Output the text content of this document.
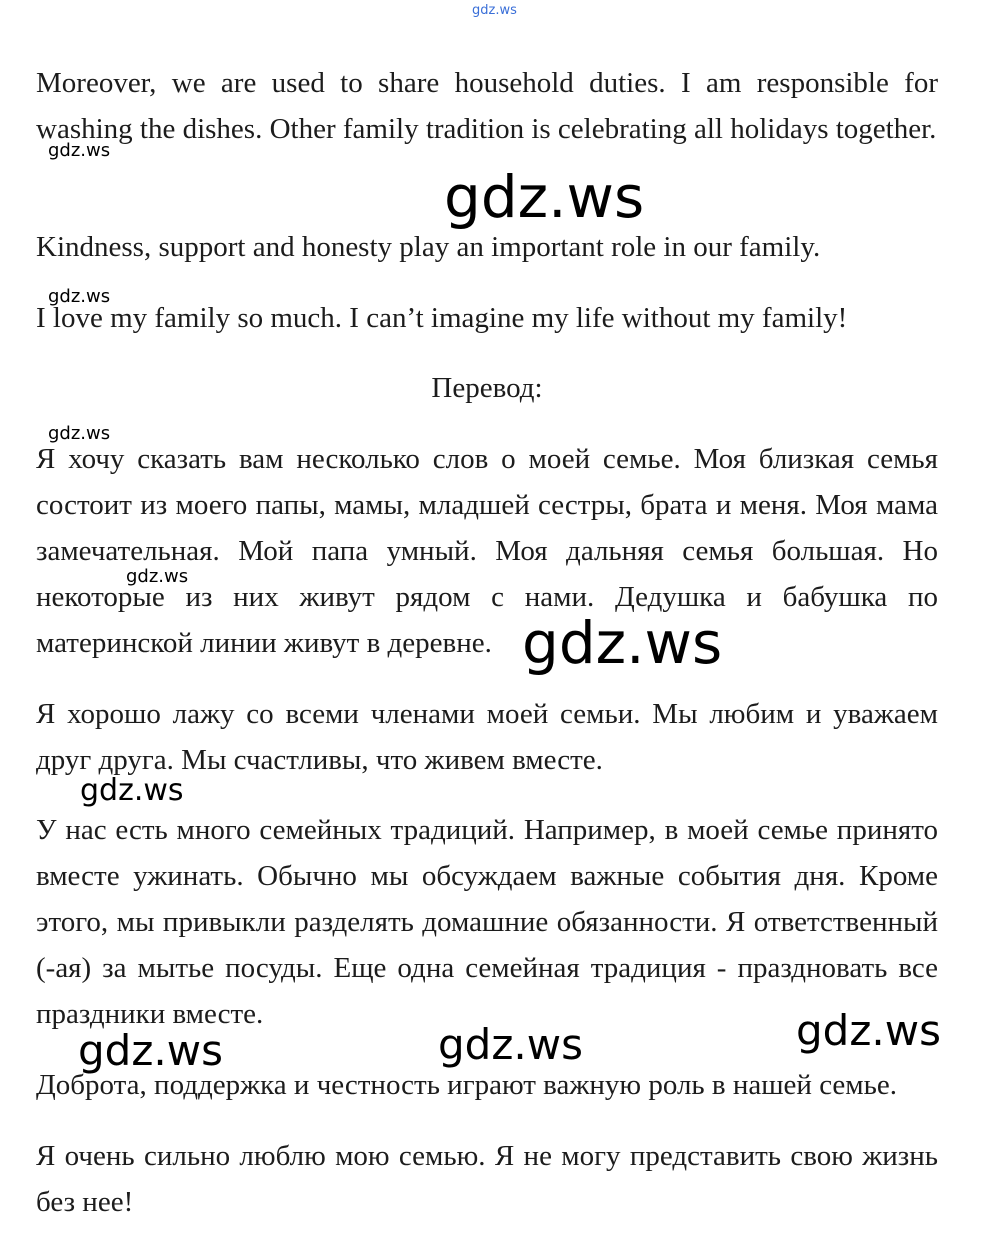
Moreover, we are used to share household duties. I am responsible for washing the dishes. Other family tradition is celebrating all holidays together.

Kindness, support and honesty play an important role in our family.

I love my family so much. I can’t imagine my life without my family!

Перевод:

Я хочу сказать вам несколько слов о моей семье. Моя близкая семья состоит из моего папы, мамы, младшей сестры, брата и меня. Моя мама замечательная. Мой папа умный. Моя дальняя семья большая. Но некоторые из них живут рядом с нами. Дедушка и бабушка по материнской линии живут в деревне.

Я хорошо лажу со всеми членами моей семьи. Мы любим и уважаем друг друга. Мы счастливы, что живем вместе.

У нас есть много семейных традиций. Например, в моей семье принято вместе ужинать. Обычно мы обсуждаем важные события дня. Кроме этого, мы привыкли разделять домашние обязанности. Я ответственный (-ая) за мытье посуды. Еще одна семейная традиция - праздновать все праздники вместе.

Доброта, поддержка и честность играют важную роль в нашей семье.

Я очень сильно люблю мою семью. Я не могу представить свою жизнь без нее!

gdz.ws
gdz.ws
gdz.ws
gdz.ws
gdz.ws
gdz.ws
gdz.ws
gdz.ws
gdz.ws
gdz.ws	gdz.ws
